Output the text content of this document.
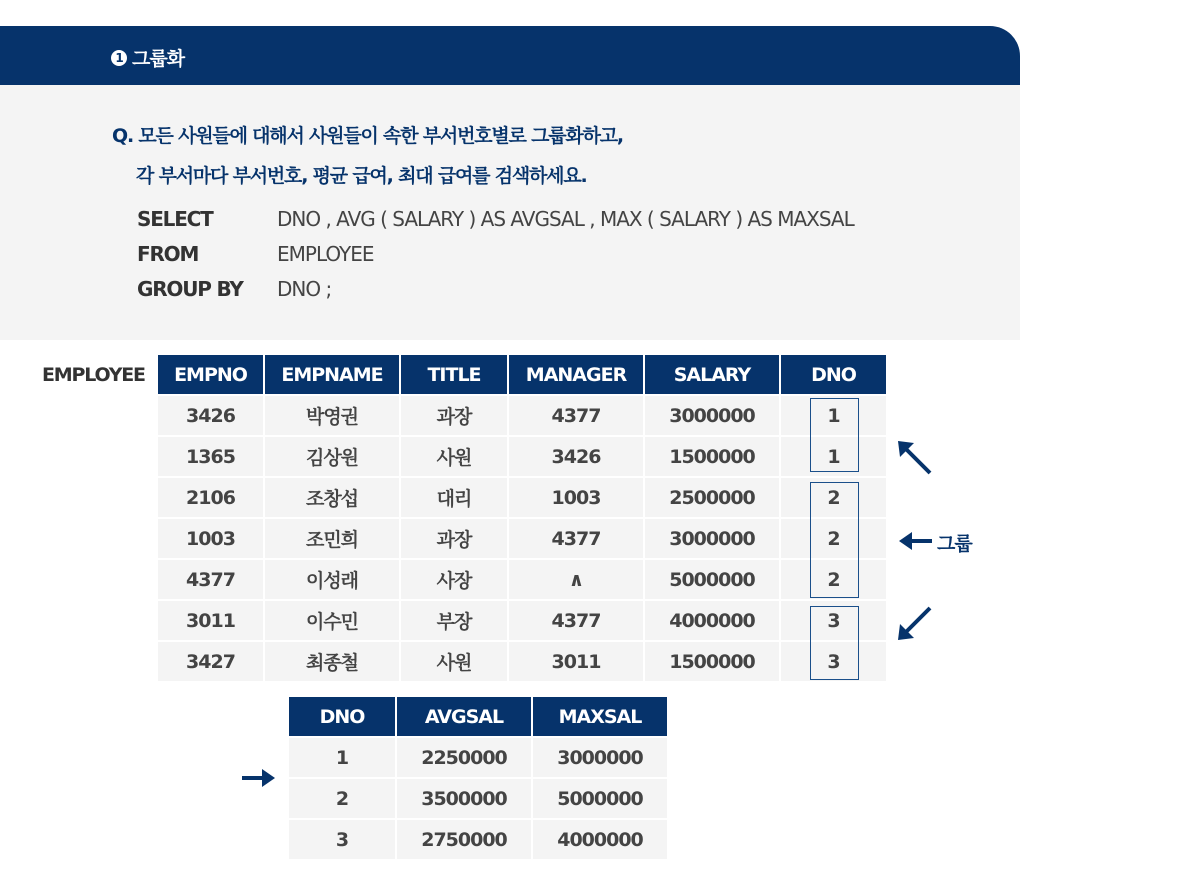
1 그룹화
Q. 모든 사원들에 대해서 사원들이 속한 부서번호별로 그룹화하고,
각 부서마다 부서번호, 평균 급여, 최대 급여를 검색하세요.
SELECT	DNO , AVG ( SALARY ) AS AVGSAL , MAX ( SALARY ) AS MAXSAL
FROM	EMPLOYEE
GROUP BY DNO ;
EMPLOYEE EMPNO	EMPNAME	TITLE	MANAGER	SALARY	DNO
3426	박영권	과장	4377	3000000	1
1365	김상원	사원	3426	1500000	1
2106	조창섭	대리	1003	2500000	2
1003	조민희	과장	4377	3000000	2
4377	이성래	사장	∧	5000000	2
3011	이수민	부장	4377	4000000	3
3427	최종철	사원	3011	1500000	3
그룹
DNO	AVGSAL	MAXSAL
1	2250000	3000000
2	3500000	5000000
3	2750000	4000000
